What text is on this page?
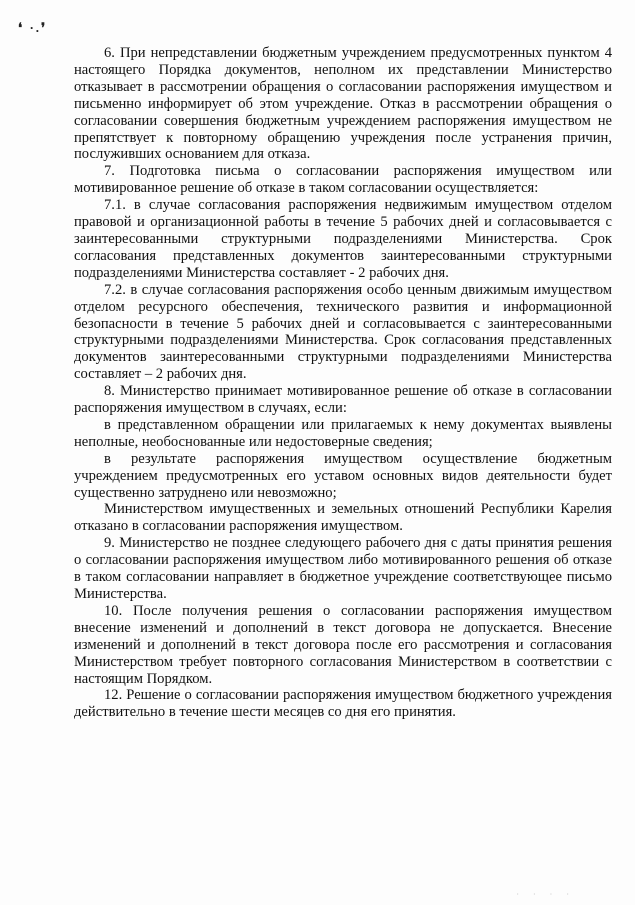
❛ ·.❜

6. При непредставлении бюджетным учреждением предусмотренных пунктом 4 настоящего Порядка документов, неполном их представлении Министерство отказывает в рассмотрении обращения о согласовании распоряжения имуществом и письменно информирует об этом учреждение. Отказ в рассмотрении обращения о согласовании совершения бюджетным учреждением распоряжения имуществом не препятствует к повторному обращению учреждения после устранения причин, послуживших основанием для отказа.

7. Подготовка письма о согласовании распоряжения имуществом или мотивированное решение об отказе в таком согласовании осуществляется:

7.1. в случае согласования распоряжения недвижимым имуществом отделом правовой и организационной работы в течение 5 рабочих дней и согласовывается с заинтересованными структурными подразделениями Министерства. Срок согласования представленных документов заинтересованными структурными подразделениями Министерства составляет - 2 рабочих дня.

7.2. в случае согласования распоряжения особо ценным движимым имуществом отделом ресурсного обеспечения, технического развития и информационной безопасности в течение 5 рабочих дней и согласовывается с заинтересованными структурными подразделениями Министерства. Срок согласования представленных документов заинтересованными структурными подразделениями Министерства составляет – 2 рабочих дня.

8. Министерство принимает мотивированное решение об отказе в согласовании распоряжения имуществом в случаях, если:

в представленном обращении или прилагаемых к нему документах выявлены неполные, необоснованные или недостоверные сведения;

в результате распоряжения имуществом осуществление бюджетным учреждением предусмотренных его уставом основных видов деятельности будет существенно затруднено или невозможно;

Министерством имущественных и земельных отношений Республики Карелия отказано в согласовании распоряжения имуществом.

9. Министерство не позднее следующего рабочего дня с даты принятия решения о согласовании распоряжения имуществом либо мотивированного решения об отказе в таком согласовании направляет в бюджетное учреждение соответствующее письмо Министерства.

10. После получения решения о согласовании распоряжения имуществом внесение изменений и дополнений в текст договора не допускается. Внесение изменений и дополнений в текст договора после его рассмотрения и согласования Министерством требует повторного согласования Министерством в соответствии с настоящим Порядком.

12. Решение о согласовании распоряжения имуществом бюджетного учреждения действительно в течение шести месяцев со дня его принятия.

· · · ·
